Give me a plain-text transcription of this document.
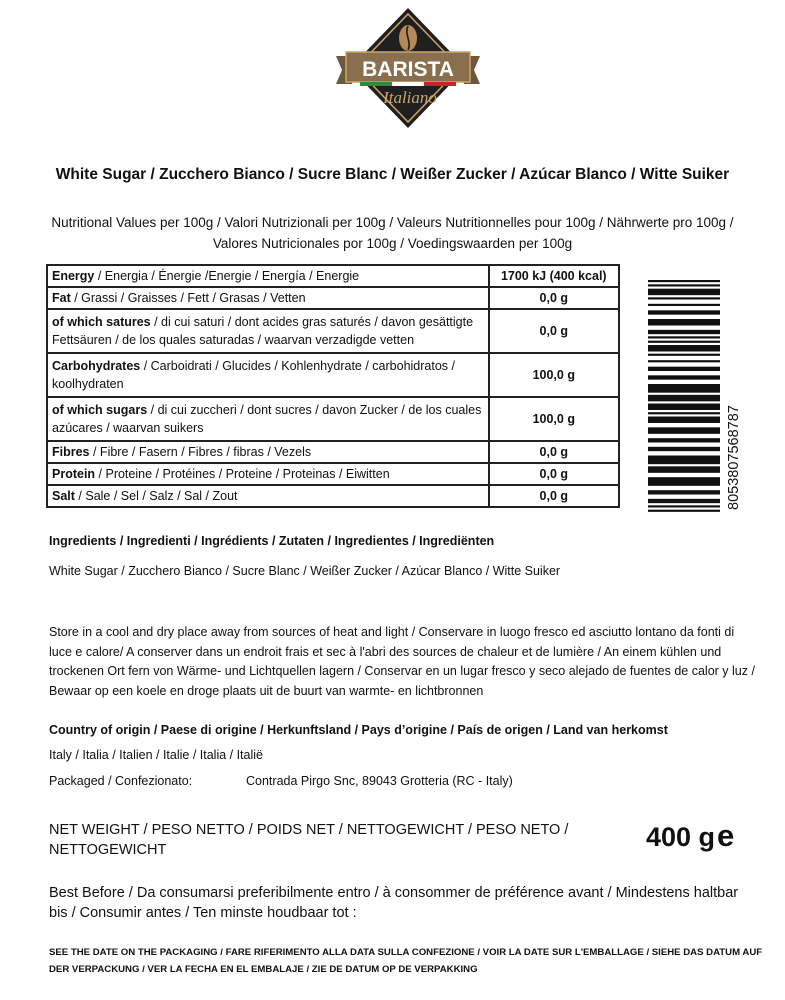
BARISTA
Italiano
White Sugar / Zucchero Bianco / Sucre Blanc / Weißer Zucker / Azúcar Blanco / Witte Suiker
Nutritional Values per 100g / Valori Nutrizionali per 100g / Valeurs Nutritionnelles pour 100g / Nährwerte pro 100g /
Valores Nutricionales por 100g / Voedingswaarden per 100g
Energy / Energia / Énergie /Energie / Energía / Energie	1700 kJ (400 kcal)
Fat / Grassi / Graisses / Fett / Grasas / Vetten	0,0 g
of which satures / di cui saturi / dont acides gras saturés / davon gesättigte Fettsäuren / de los quales saturadas / waarvan verzadigde vetten	0,0 g
Carbohydrates / Carboidrati / Glucides / Kohlenhydrate / carbohidratos / koolhydraten	100,0 g
of which sugars / di cui zuccheri / dont sucres / davon Zucker / de los cuales azúcares / waarvan suikers	100,0 g
Fibres / Fibre / Fasern / Fibres / fibras / Vezels	0,0 g
Protein / Proteine / Protéines / Proteine / Proteinas / Eiwitten	0,0 g
Salt / Sale / Sel / Salz / Sal / Zout	0,0 g	8053807568787
Ingredients / Ingredienti / Ingrédients / Zutaten / Ingredientes / Ingrediënten
White Sugar / Zucchero Bianco / Sucre Blanc / Weißer Zucker / Azúcar Blanco / Witte Suiker
Store in a cool and dry place away from sources of heat and light / Conservare in luogo fresco ed asciutto lontano da fonti di luce e calore/ A conserver dans un endroit frais et sec à l'abri des sources de chaleur et de lumière / An einem kühlen und trockenen Ort fern von Wärme- und Lichtquellen lagern / Conservar en un lugar fresco y seco alejado de fuentes de calor y luz / Bewaar op een koele en droge plaats uit de buurt van warmte- en lichtbronnen
Country of origin / Paese di origine / Herkunftsland / Pays d’origine / País de origen / Land van herkomst
Italy / Italia / Italien / Italie / Italia / Italië
Packaged / Confezionato:	Contrada Pirgo Snc, 89043 Grotteria (RC - Italy)
NET WEIGHT / PESO NETTO / POIDS NET / NETTOGEWICHT / PESO NETO / NETTOGEWICHT	400 ge
Best Before / Da consumarsi preferibilmente entro / à consommer de préférence avant / Mindestens haltbar bis / Consumir antes / Ten minste houdbaar tot :
SEE THE DATE ON THE PACKAGING / FARE RIFERIMENTO ALLA DATA SULLA CONFEZIONE / VOIR LA DATE SUR L'EMBALLAGE / SIEHE DAS DATUM AUF DER VERPACKUNG / VER LA FECHA EN EL EMBALAJE / ZIE DE DATUM OP DE VERPAKKING
